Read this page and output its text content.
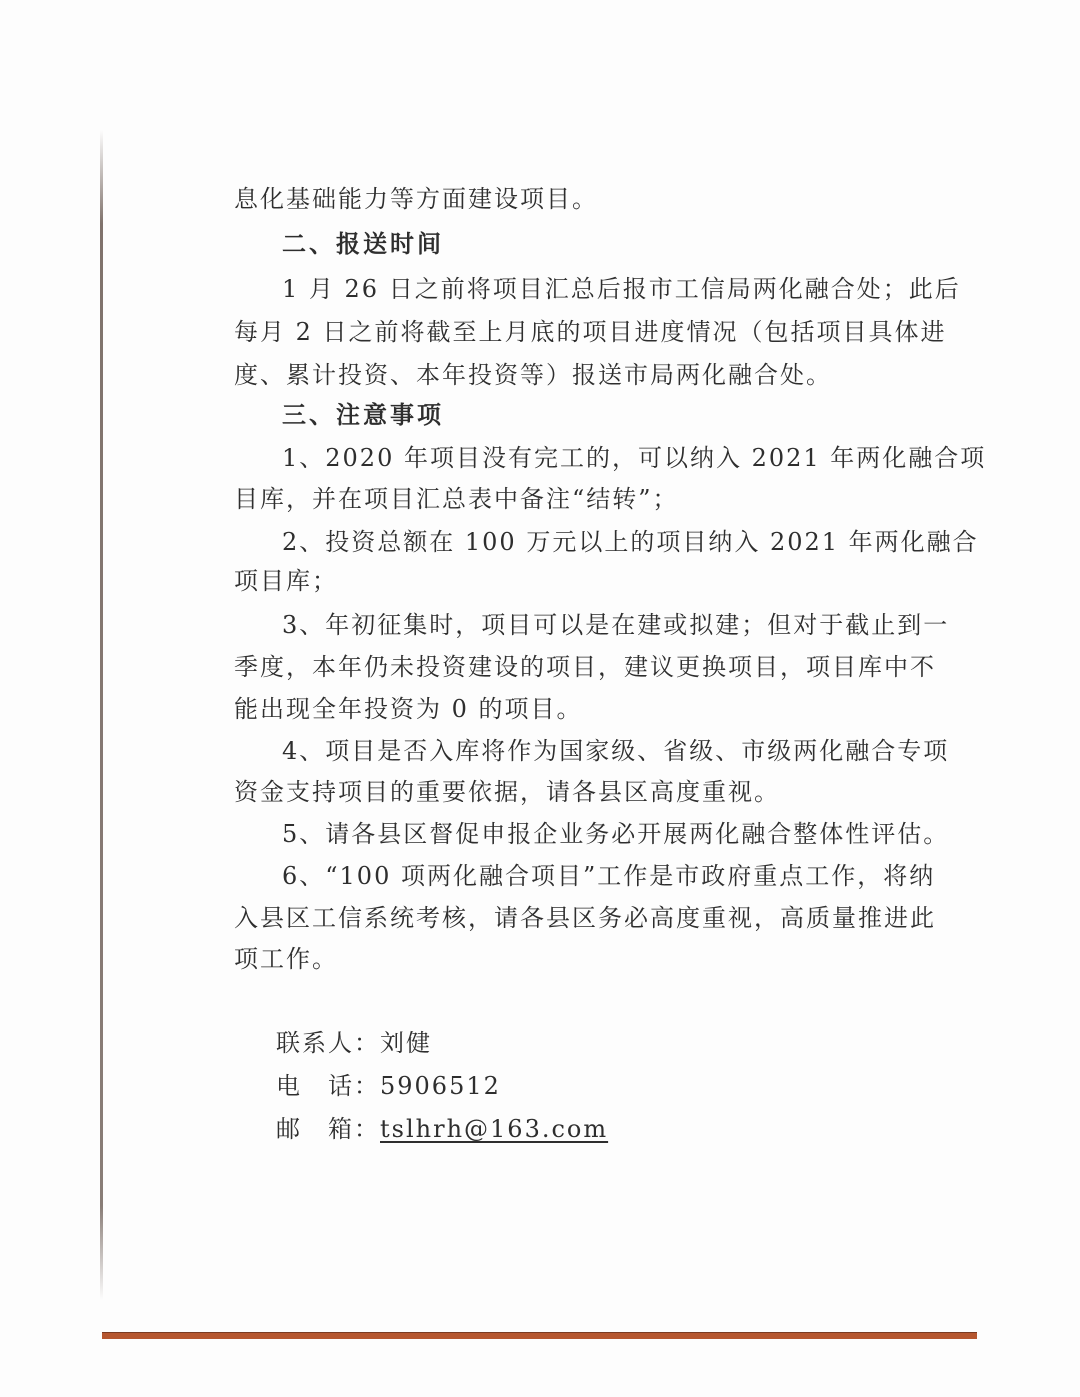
息化基础能力等方面建设项目。
二、报送时间
1 月 26 日之前将项目汇总后报市工信局两化融合处；此后
每月 2 日之前将截至上月底的项目进度情况（包括项目具体进
度、累计投资、本年投资等）报送市局两化融合处。
三、注意事项
1、2020 年项目没有完工的，可以纳入 2021 年两化融合项
目库，并在项目汇总表中备注“结转”；
2、投资总额在 100 万元以上的项目纳入 2021 年两化融合
项目库；
3、年初征集时，项目可以是在建或拟建；但对于截止到一
季度，本年仍未投资建设的项目，建议更换项目，项目库中不
能出现全年投资为 0 的项目。
4、项目是否入库将作为国家级、省级、市级两化融合专项
资金支持项目的重要依据，请各县区高度重视。
5、请各县区督促申报企业务必开展两化融合整体性评估。
6、“100 项两化融合项目”工作是市政府重点工作，将纳
入县区工信系统考核，请各县区务必高度重视，高质量推进此
项工作。
联系人：刘健
电　话：5906512
邮　箱：tslhrh@163.com
